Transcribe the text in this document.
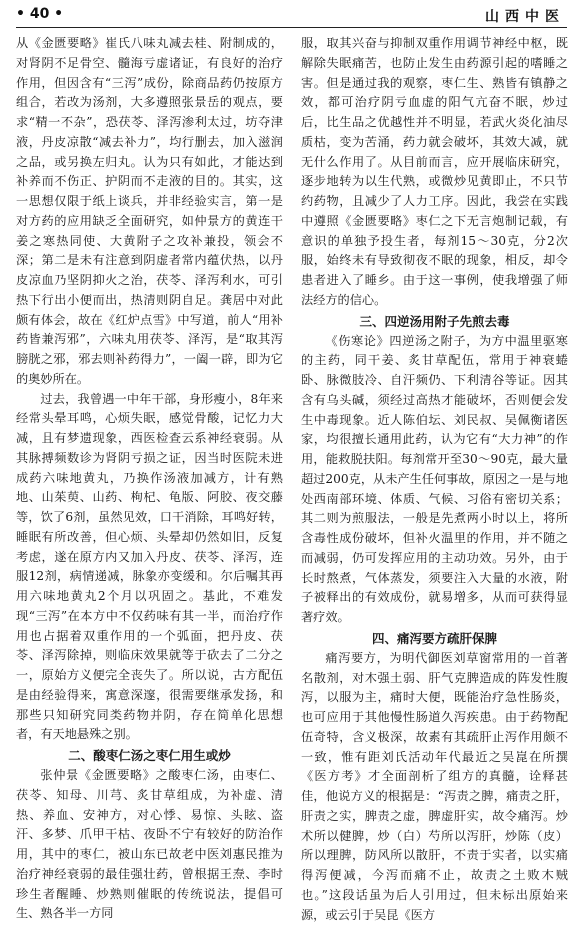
• 40 •	山西中医

从《金匮要略》崔氏八味丸减去桂、附制成的，对肾阴不足骨空、髓海亏虚诸证，有良好的治疗作用，但因含有“三泻”成份，除商品药仍按原方组合，若改为汤剂，大多遵照张景岳的观点，要求“精一不杂”，恐茯苓、泽泻渗利太过，坊夺津液，丹皮凉散“减去补力”，均行删去，加入滋润之品，或另换左归丸。认为只有如此，才能达到补养而不伤正、护阴而不走液的目的。其实，这一思想仅限于纸上谈兵，并非经验实言，第一是对方药的应用缺乏全面研究，如仲景方的黄连干姜之寒热同使、大黄附子之攻补兼投，领会不深；第二是未有注意到阴虚者常内蕴伏热，以丹皮凉血乃坚阴抑火之治，茯苓、泽泻利水，可引热下行出小便而出，热清则阴自足。龚居中对此颇有体会，故在《红炉点雪》中写道，前人“用补药皆兼泻邪”，六味丸用茯苓、泽泻，是“取其泻膀胱之邪，邪去则补药得力”，一阖一辟，即为它的奥妙所在。

过去，我曾遇一中年干部，身形瘦小，8年来经常头晕耳鸣，心烦失眠，感觉骨酸，记忆力大减，且有梦遗现象，西医检查云系神经衰弱。从其脉搏频数诊为肾阴亏损之证，因当时医院未进成药六味地黄丸，乃换作汤液加减方，计有熟地、山茱萸、山药、枸杞、龟版、阿胶、夜交藤等，饮了6剂，虽然见效，口干消除，耳鸣好转，睡眠有所改善，但心烦、头晕却仍然如旧，反复考虑，遂在原方内又加入丹皮、茯苓、泽泻，连服12剂，病情递减，脉象亦变缓和。尔后嘱其再用六味地黄丸2个月以巩固之。基此，不难发现“三泻”在本方中不仅药味有其一半，而治疗作用也占据着双重作用的一个弧面，把丹皮、茯苓、泽泻除掉，则临床效果就等于砍去了二分之一，原始方义便完全丧失了。所以说，古方配伍是由经验得来，寓意深邃，很需要继承发扬，和那些只知研究同类药物并阴，存在简单化思想者，有天地悬殊之别。

二、酸枣仁汤之枣仁用生或炒

张仲景《金匮要略》之酸枣仁汤，由枣仁、茯苓、知母、川芎、炙甘草组成，为补虚、清热、养血、安神方，对心悸、易惊、头眩、盗汗、多梦、爪甲干枯、夜卧不宁有较好的防治作用，其中的枣仁，被山东已故老中医刘惠民推为治疗神经衰弱的最佳强壮药，曾根据王焘、李时珍生者醒睡、炒熟则催眠的传统说法，提倡可生、熟各半一方同

服，取其兴奋与抑制双重作用调节神经中枢，既解除失眠痛苦，也防止发生由药源引起的嗜睡之害。但是通过我的观察，枣仁生、熟皆有镇静之效，都可治疗阴亏血虚的阳气亢奋不眠，炒过后，比生品之优越性并不明显，若武火炎化油尽质枯，变为苦涌，药力就会破坏，其效大减，就无什么作用了。从目前而言，应开展临床研究，逐步地转为以生代熟，或微炒见黄即止，不只节约药物，且减少了人力工序。因此，我尝在实践中遵照《金匮要略》枣仁之下无言炮制记载，有意识的单独予投生者，每剂15～30克，分2次服，始终未有导致彻夜不眠的现象，相反，却令患者进入了睡乡。由于这一事例，使我增强了师法经方的信心。

三、四逆汤用附子先煎去毒

《伤寒论》四逆汤之附子，为方中温里驱寒的主药，同干姜、炙甘草配伍，常用于神衰蜷卧、脉微肢冷、自汗频仍、下利清谷等证。因其含有乌头碱，须经过高热才能破坏，否则便会发生中毒现象。近人陈伯坛、刘民叔、吴佩衡诸医家，均很擅长通用此药，认为它有“大力神”的作用，能救脱扶阳。每剂常开至30～90克，最大量超过200克，从未产生任何事故，原因之一是与地处西南部环境、体质、气候、习俗有密切关系；其二则为煎服法，一般是先煮两小时以上，将所含毒性成份破坏，但补火温里的作用，并不随之而减弱，仍可发挥应用的主动功效。另外，由于长时熬煮，气体蒸发，须要注入大量的水液，附子被释出的有效成份，就易增多，从而可获得显著疗效。

四、痛泻要方疏肝保脾

痛泻要方，为明代御医刘草窗常用的一首著名散剂，对木强土弱、肝气克脾造成的阵发性腹泻，以服为主，痛时大便，既能治疗急性肠炎，也可应用于其他慢性肠道久泻疾患。由于药物配伍奇特，含义极深，故素有其疏肝止泻作用颇不一致，惟有距刘氏活动年代最近之吴崑在所撰《医方考》才全面剖析了组方的真髓，诠释甚佳，他说方义的根据是：“泻责之脾，痛责之肝，肝责之实，脾责之虚，脾虚肝实，故令痛泻。炒术所以健脾，炒（白）芍所以泻肝，炒陈（皮）所以理脾，防风所以散肝，不责于实者，以实痛得泻便减，今泻而痛不止，故责之土败木贼也。”这段话虽为后人引用过，但未标出原始来源，或云引于吴昆《医方
